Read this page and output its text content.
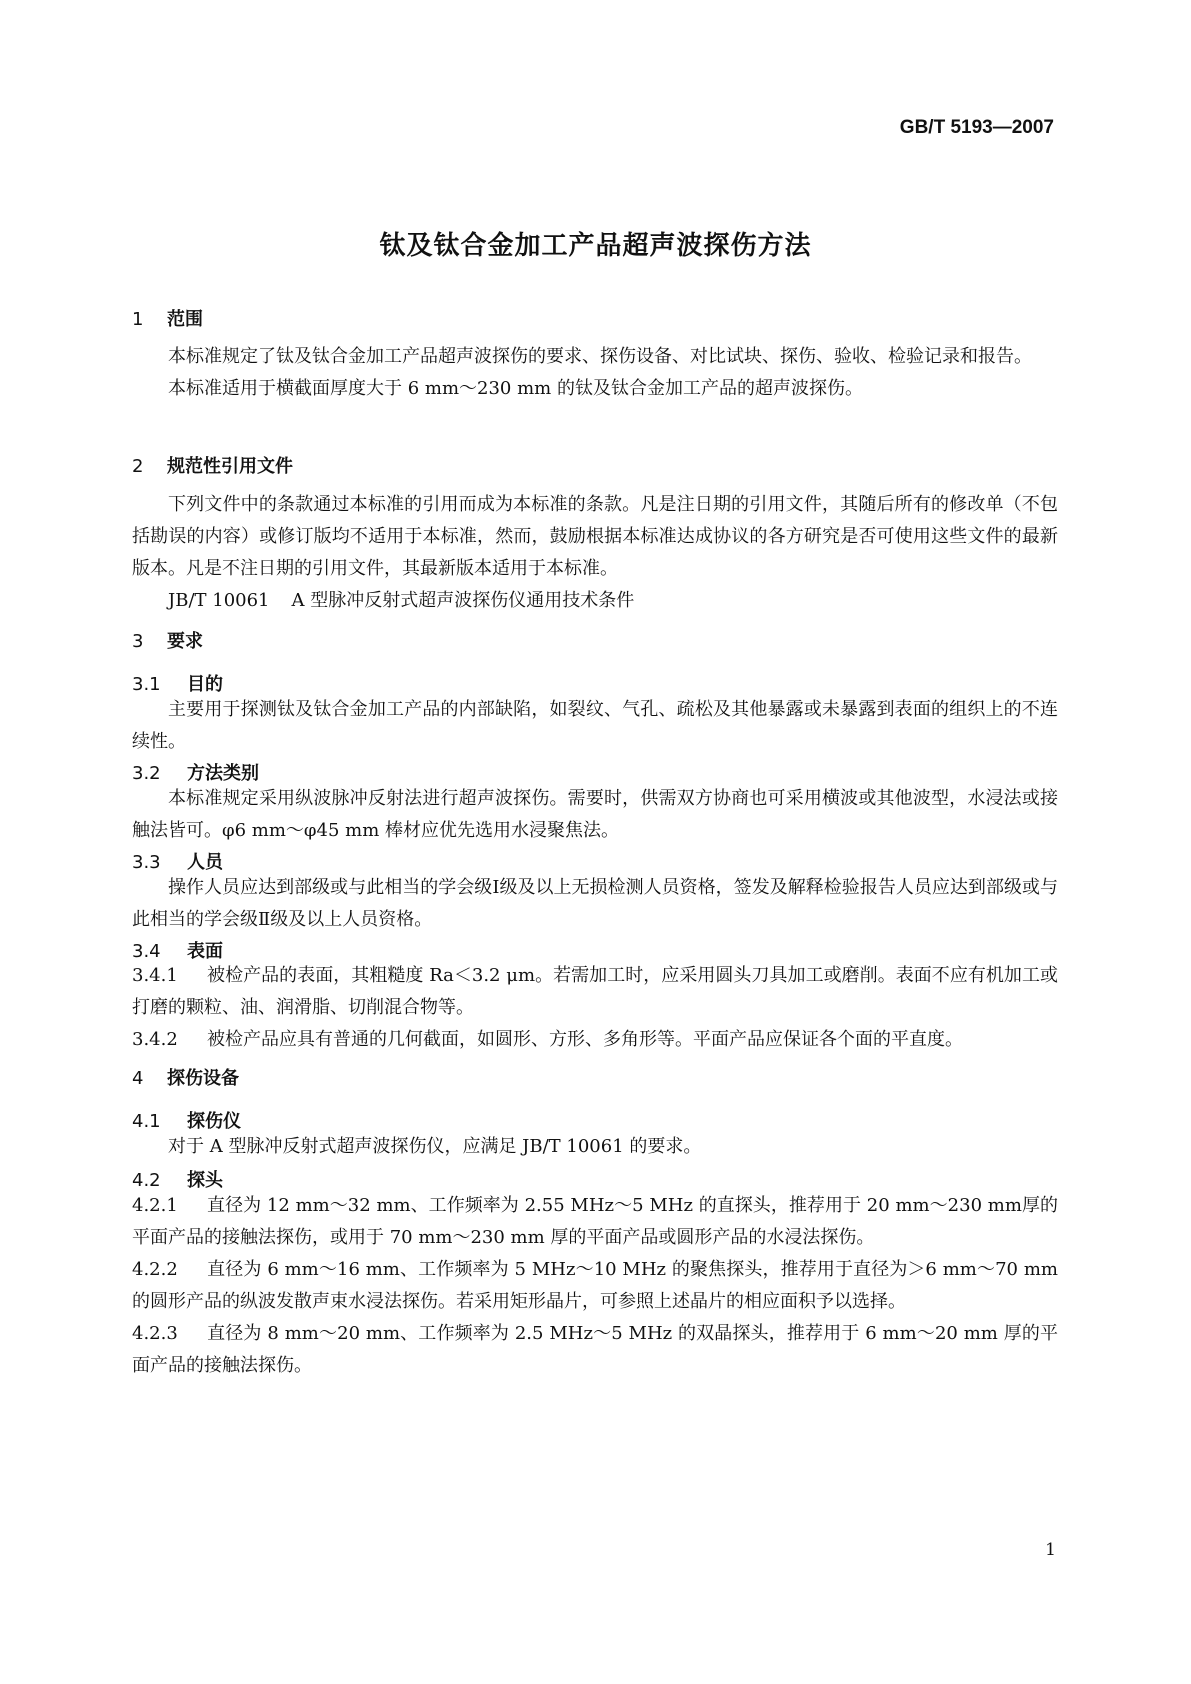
GB/T 5193—2007
钛及钛合金加工产品超声波探伤方法
1 范围

本标准规定了钛及钛合金加工产品超声波探伤的要求、探伤设备、对比试块、探伤、验收、检验记录和报告。

本标准适用于横截面厚度大于 6 mm～230 mm 的钛及钛合金加工产品的超声波探伤。

2 规范性引用文件

下列文件中的条款通过本标准的引用而成为本标准的条款。凡是注日期的引用文件，其随后所有的修改单（不包括勘误的内容）或修订版均不适用于本标准，然而，鼓励根据本标准达成协议的各方研究是否可使用这些文件的最新版本。凡是不注日期的引用文件，其最新版本适用于本标准。

JB/T 10061 A 型脉冲反射式超声波探伤仪通用技术条件

3 要求
3.1 目的

主要用于探测钛及钛合金加工产品的内部缺陷，如裂纹、气孔、疏松及其他暴露或未暴露到表面的组织上的不连续性。

3.2 方法类别

本标准规定采用纵波脉冲反射法进行超声波探伤。需要时，供需双方协商也可采用横波或其他波型，水浸法或接触法皆可。φ6 mm～φ45 mm 棒材应优先选用水浸聚焦法。

3.3 人员

操作人员应达到部级或与此相当的学会级Ⅰ级及以上无损检测人员资格，签发及解释检验报告人员应达到部级或与此相当的学会级Ⅱ级及以上人员资格。

3.4 表面

3.4.1 被检产品的表面，其粗糙度 Ra＜3.2 μm。若需加工时，应采用圆头刀具加工或磨削。表面不应有机加工或打磨的颗粒、油、润滑脂、切削混合物等。

3.4.2 被检产品应具有普通的几何截面，如圆形、方形、多角形等。平面产品应保证各个面的平直度。

4 探伤设备
4.1 探伤仪

对于 A 型脉冲反射式超声波探伤仪，应满足 JB/T 10061 的要求。

4.2 探头

4.2.1 直径为 12 mm～32 mm、工作频率为 2.55 MHz～5 MHz 的直探头，推荐用于 20 mm～230 mm厚的平面产品的接触法探伤，或用于 70 mm～230 mm 厚的平面产品或圆形产品的水浸法探伤。

4.2.2 直径为 6 mm～16 mm、工作频率为 5 MHz～10 MHz 的聚焦探头，推荐用于直径为＞6 mm～70 mm 的圆形产品的纵波发散声束水浸法探伤。若采用矩形晶片，可参照上述晶片的相应面积予以选择。

4.2.3 直径为 8 mm～20 mm、工作频率为 2.5 MHz～5 MHz 的双晶探头，推荐用于 6 mm～20 mm 厚的平面产品的接触法探伤。

1
